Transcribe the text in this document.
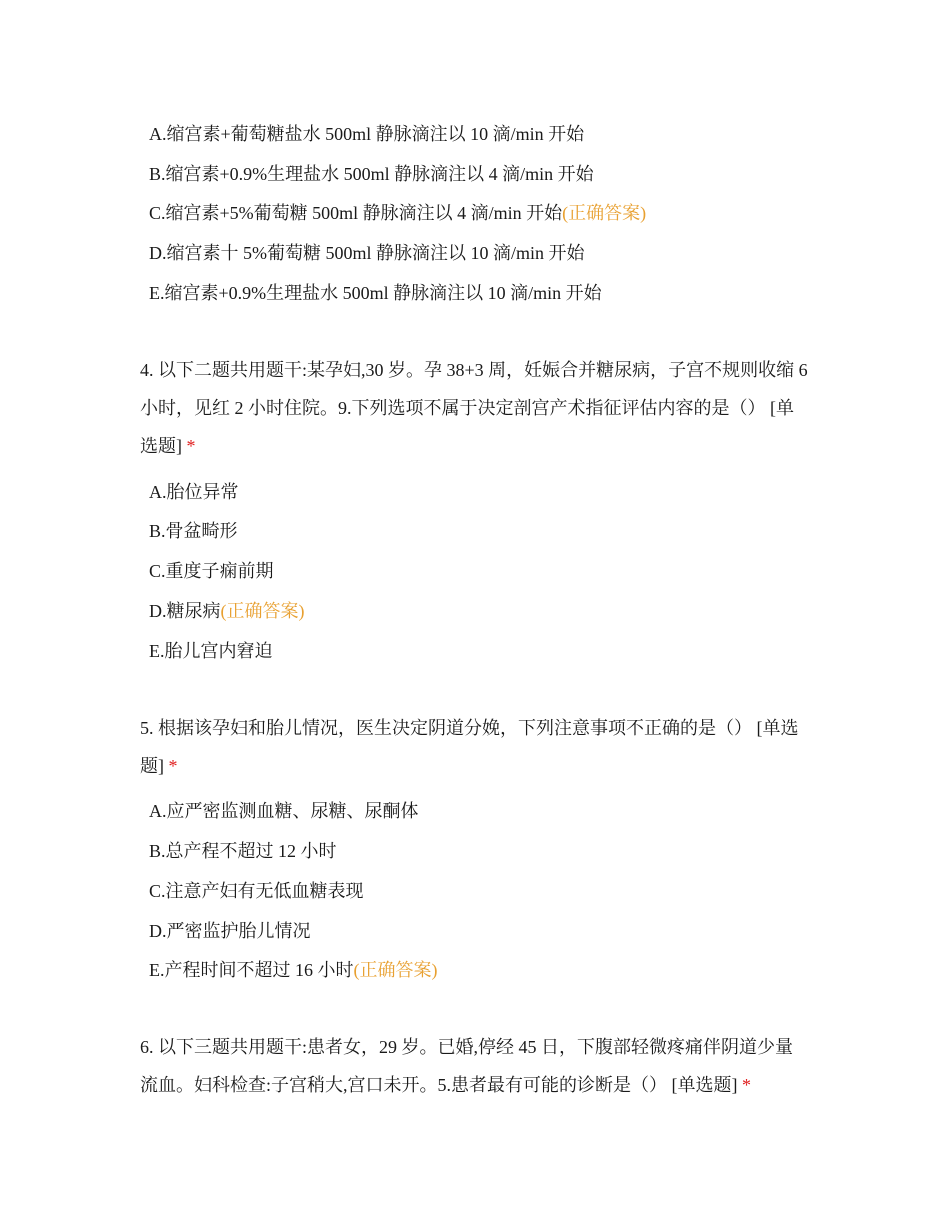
A.缩宫素+葡萄糖盐水 500ml 静脉滴注以 10 滴/min 开始
B.缩宫素+0.9%生理盐水 500ml 静脉滴注以 4 滴/min 开始
C.缩宫素+5%葡萄糖 500ml 静脉滴注以 4 滴/min 开始(正确答案)
D.缩宫素十 5%葡萄糖 500ml 静脉滴注以 10 滴/min 开始
E.缩宫素+0.9%生理盐水 500ml 静脉滴注以 10 滴/min 开始
4. 以下二题共用题干:某孕妇,30 岁。孕 38+3 周，妊娠合并糖尿病，子宫不规则收缩 6 小时，见红 2 小时住院。9.下列选项不属于决定剖宫产术指征评估内容的是（） [单选题] *
A.胎位异常
B.骨盆畸形
C.重度子痫前期
D.糖尿病(正确答案)
E.胎儿宫内窘迫
5. 根据该孕妇和胎儿情况，医生决定阴道分娩，下列注意事项不正确的是（） [单选题] *
A.应严密监测血糖、尿糖、尿酮体
B.总产程不超过 12 小时
C.注意产妇有无低血糖表现
D.严密监护胎儿情况
E.产程时间不超过 16 小时(正确答案)
6. 以下三题共用题干:患者女，29 岁。已婚,停经 45 日，下腹部轻微疼痛伴阴道少量流血。妇科检查:子宫稍大,宫口未开。5.患者最有可能的诊断是（） [单选题] *
